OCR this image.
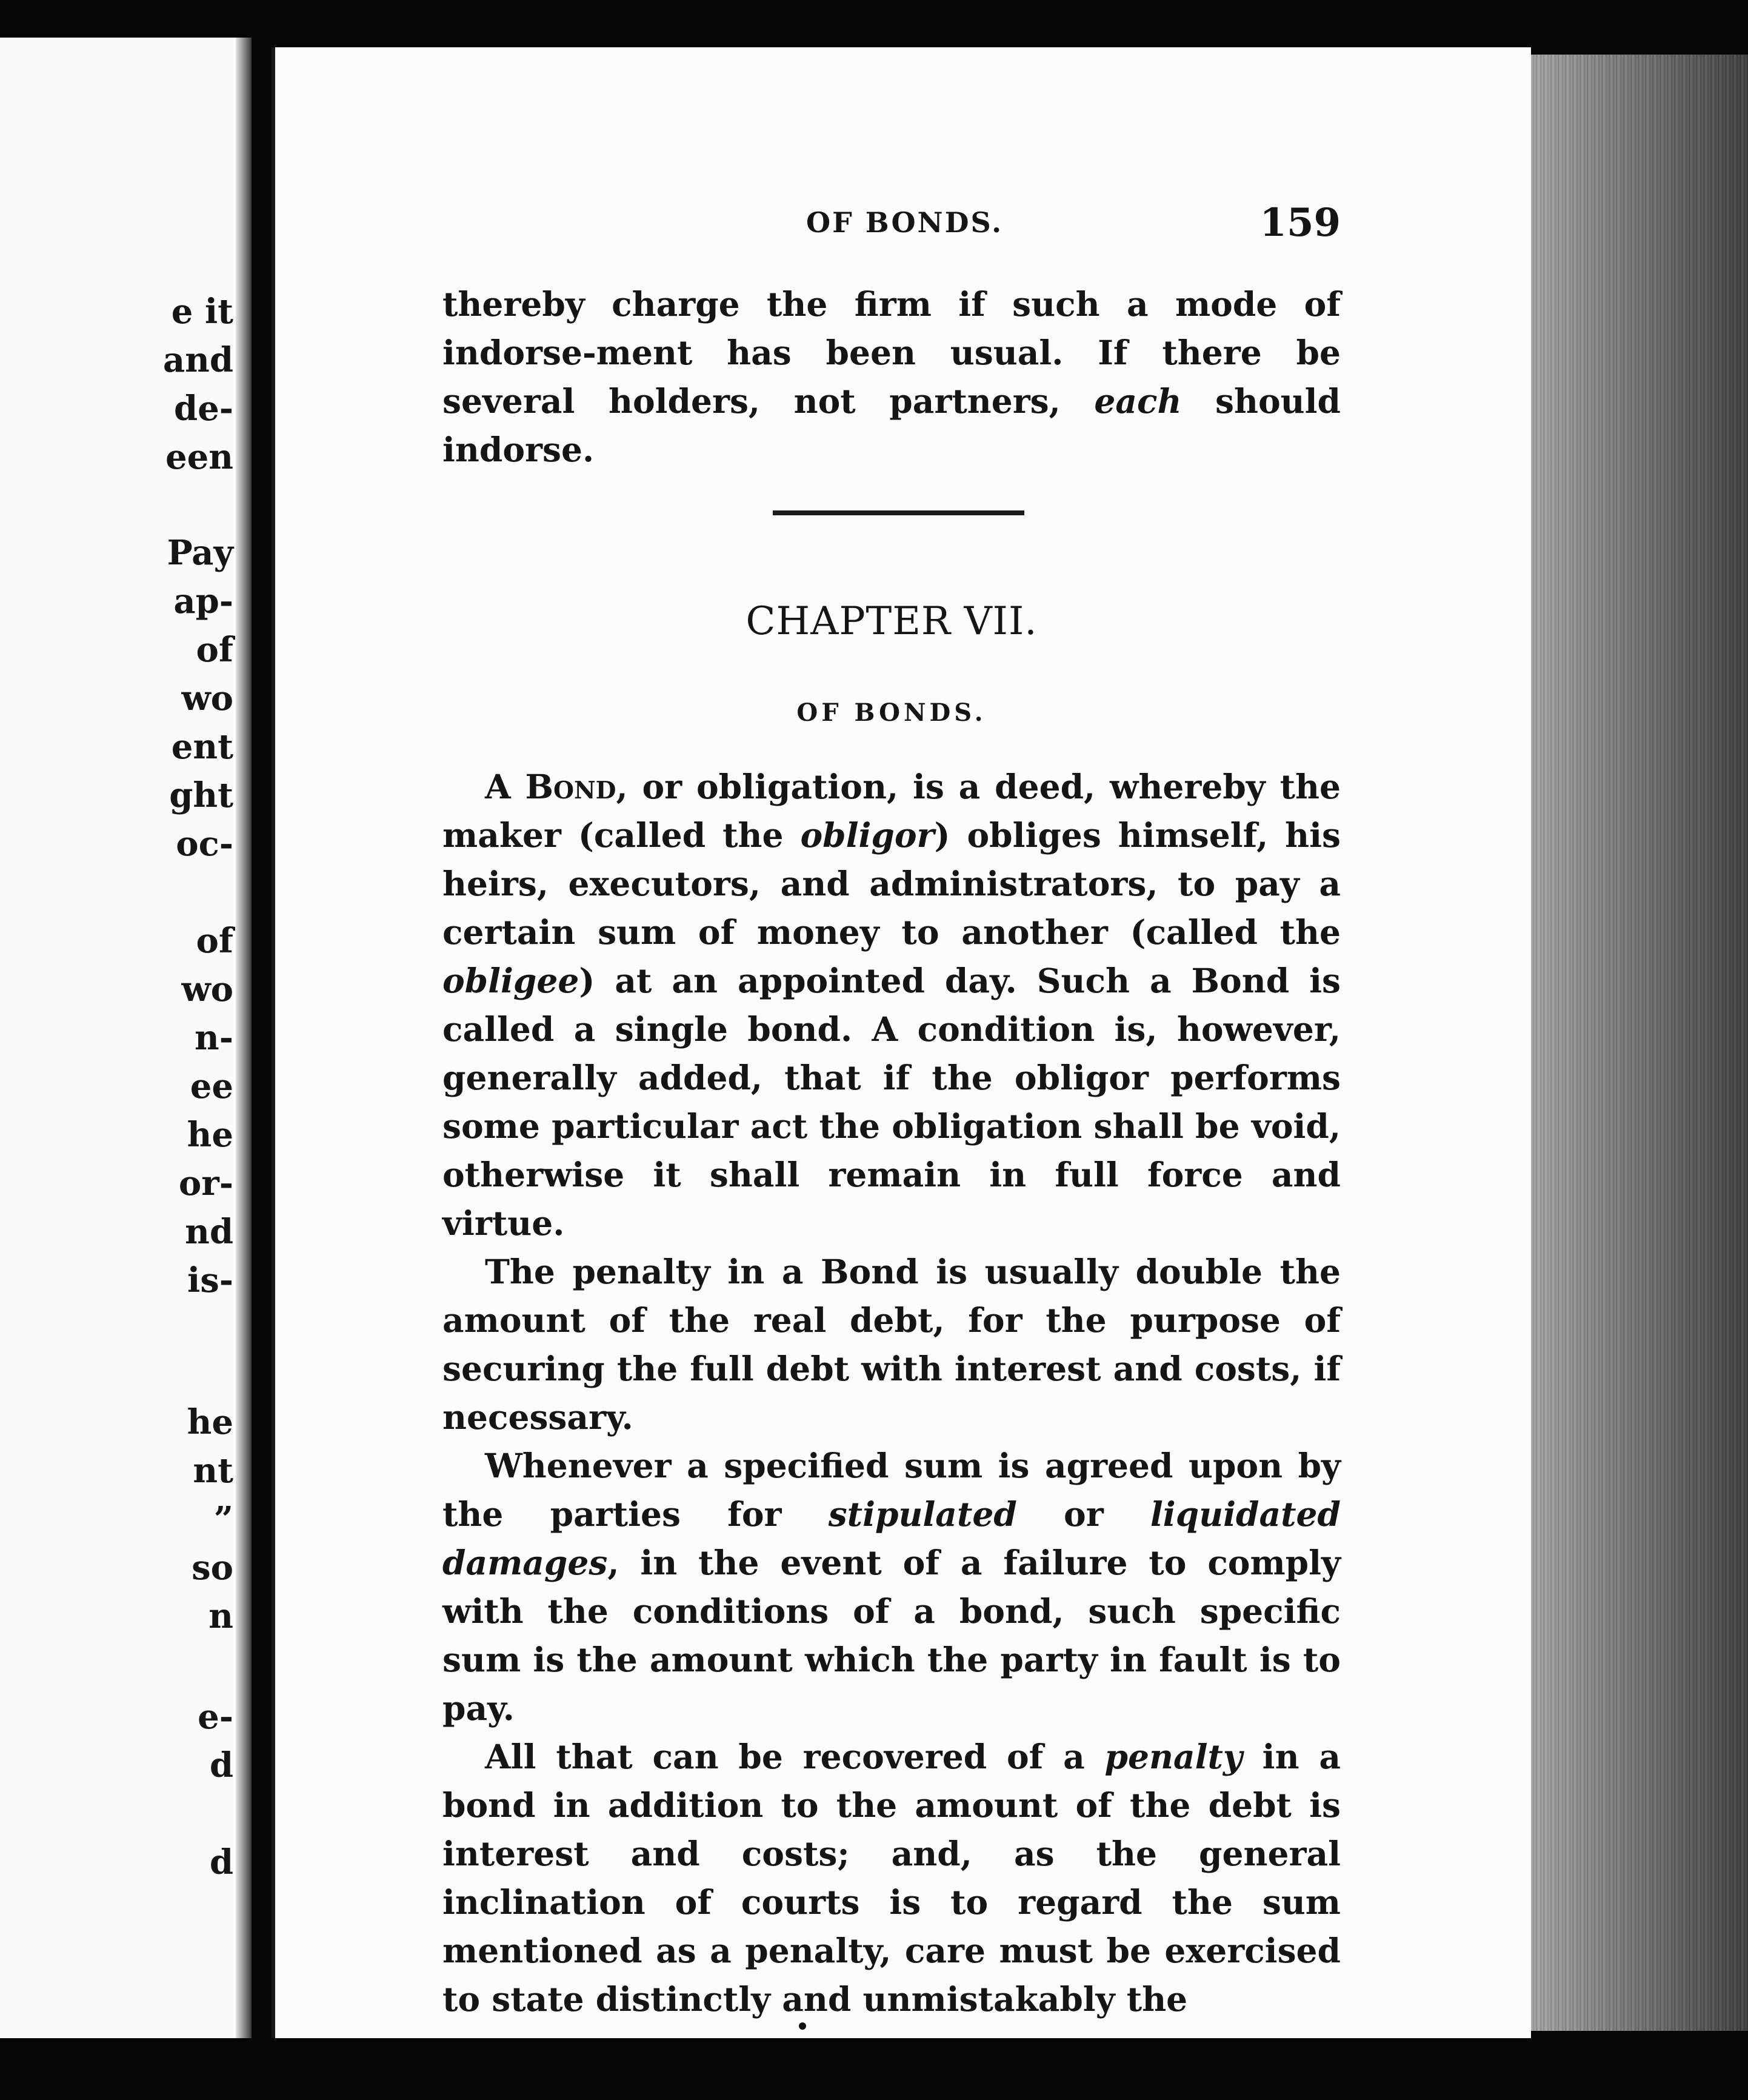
e it
and
de-
een
Pay
ap-
of
wo
ent
ght
oc-
of
wo
n-
ee
he
or-
nd
is-
he
nt
”
so
n
e-
d
d
OF BONDS.	159

thereby charge the firm if such a mode of indorse-ment has been usual. If there be several holders, not partners, each should indorse.

CHAPTER VII.
OF BONDS.

A Bond, or obligation, is a deed, whereby the maker (called the obligor) obliges himself, his heirs, executors, and administrators, to pay a certain sum of money to another (called the obligee) at an appointed day. Such a Bond is called a single bond. A condition is, however, generally added, that if the obligor performs some particular act the obligation shall be void, otherwise it shall remain in full force and virtue.

The penalty in a Bond is usually double the amount of the real debt, for the purpose of securing the full debt with interest and costs, if necessary.

Whenever a specified sum is agreed upon by the parties for stipulated or liquidated damages, in the event of a failure to comply with the conditions of a bond, such specific sum is the amount which the party in fault is to pay.

All that can be recovered of a penalty in a bond in addition to the amount of the debt is interest and costs; and, as the general inclination of courts is to regard the sum mentioned as a penalty, care must be exercised to state distinctly and unmistakably the
